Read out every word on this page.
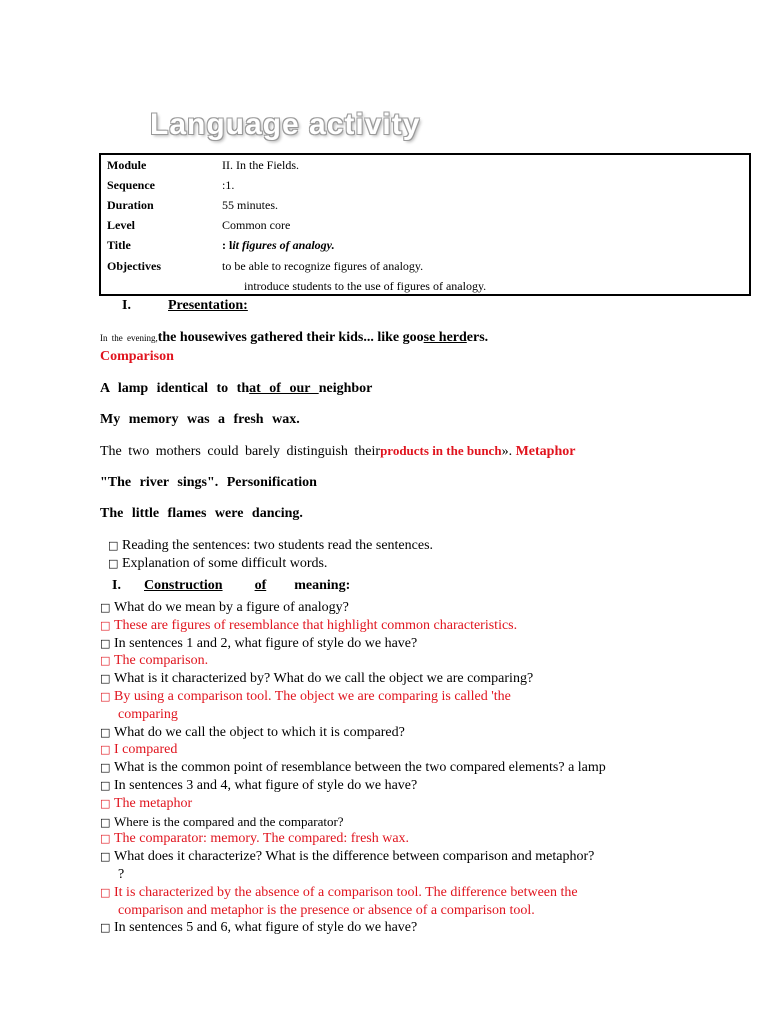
Language activity
Module	II. In the Fields.
Sequence	:1.
Duration	55 minutes.
Level	Common core
Title	: lit figures of analogy.
Objectives	to be able to recognize figures of analogy.
introduce students to the use of figures of analogy.
I.	Presentation:
In the evening,the housewives gathered their kids... like goose herders.
Comparison
A lamp identical to that of our neighbor
My memory was a fresh wax.
The two mothers could barely distinguish theirproducts in the bunch». Metaphor
"The river sings". Personification
The little flames were dancing.
□ Reading the sentences: two students read the sentences.
□ Explanation of some difficult words.
I. Construction of meaning:
□ What do we mean by a figure of analogy?
□ These are figures of resemblance that highlight common characteristics.
□ In sentences 1 and 2, what figure of style do we have?
□ The comparison.
□ What is it characterized by? What do we call the object we are comparing?
□ By using a comparison tool. The object we are comparing is called 'the
comparing
□ What do we call the object to which it is compared?
□ I compared
□ What is the common point of resemblance between the two compared elements? a lamp
□ In sentences 3 and 4, what figure of style do we have?
□ The metaphor
□ Where is the compared and the comparator?
□ The comparator: memory. The compared: fresh wax.
□ What does it characterize? What is the difference between comparison and metaphor?
?
□ It is characterized by the absence of a comparison tool. The difference between the
comparison and metaphor is the presence or absence of a comparison tool.
□ In sentences 5 and 6, what figure of style do we have?
